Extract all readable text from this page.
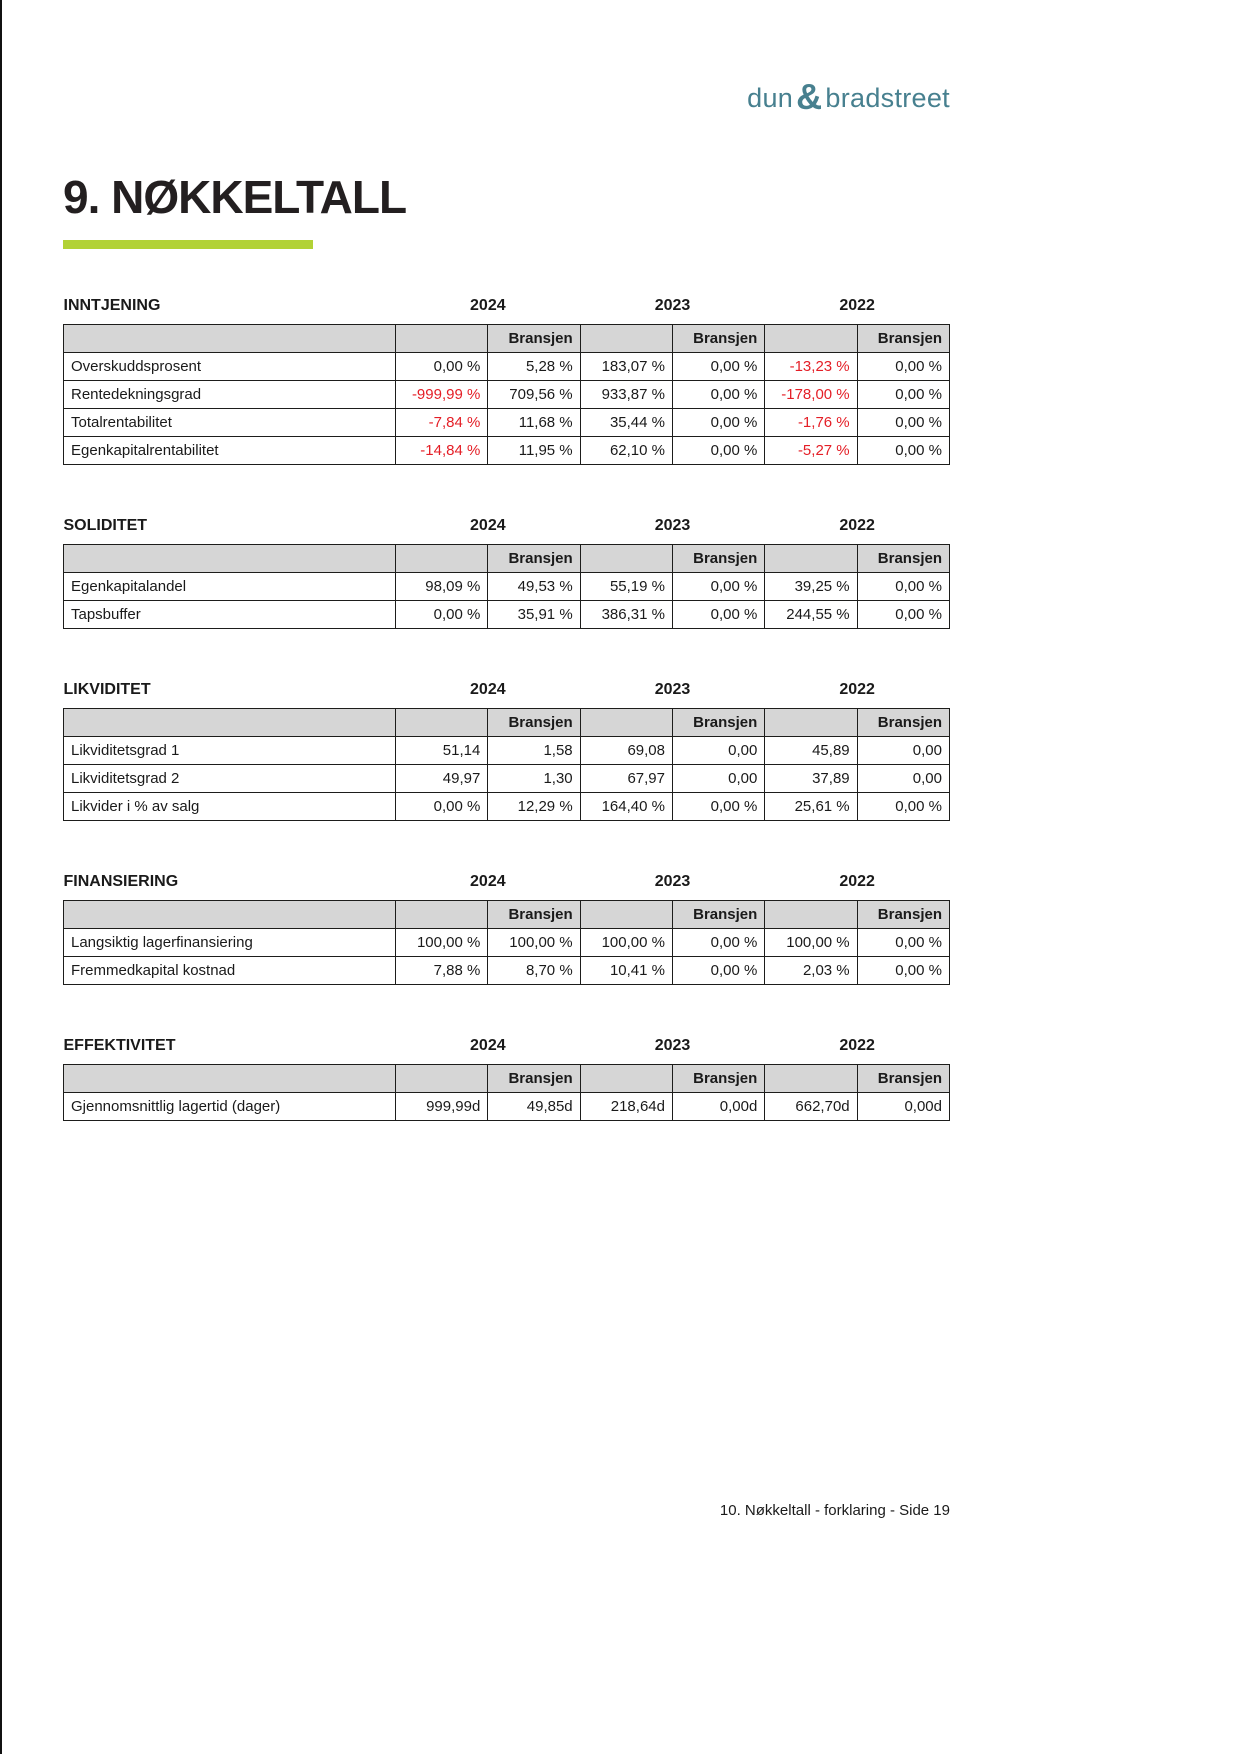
dun & bradstreet
9. NØKKELTALL
INNTJENING	2024		2023		2022	
		Bransjen		Bransjen		Bransjen
Overskuddsprosent	0,00 %	5,28 %	183,07 %	0,00 %	-13,23 %	0,00 %
Rentedekningsgrad	-999,99 %	709,56 %	933,87 %	0,00 %	-178,00 %	0,00 %
Totalrentabilitet	-7,84 %	11,68 %	35,44 %	0,00 %	-1,76 %	0,00 %
Egenkapitalrentabilitet	-14,84 %	11,95 %	62,10 %	0,00 %	-5,27 %	0,00 %
SOLIDITET	2024		2023		2022	
		Bransjen		Bransjen		Bransjen
Egenkapitalandel	98,09 %	49,53 %	55,19 %	0,00 %	39,25 %	0,00 %
Tapsbuffer	0,00 %	35,91 %	386,31 %	0,00 %	244,55 %	0,00 %
LIKVIDITET	2024		2023		2022	
		Bransjen		Bransjen		Bransjen
Likviditetsgrad 1	51,14	1,58	69,08	0,00	45,89	0,00
Likviditetsgrad 2	49,97	1,30	67,97	0,00	37,89	0,00
Likvider i % av salg	0,00 %	12,29 %	164,40 %	0,00 %	25,61 %	0,00 %
FINANSIERING	2024		2023		2022	
		Bransjen		Bransjen		Bransjen
Langsiktig lagerfinansiering	100,00 %	100,00 %	100,00 %	0,00 %	100,00 %	0,00 %
Fremmedkapital kostnad	7,88 %	8,70 %	10,41 %	0,00 %	2,03 %	0,00 %
EFFEKTIVITET	2024		2023		2022	
		Bransjen		Bransjen		Bransjen
Gjennomsnittlig lagertid (dager)	999,99d	49,85d	218,64d	0,00d	662,70d	0,00d
10. Nøkkeltall - forklaring - Side 19
